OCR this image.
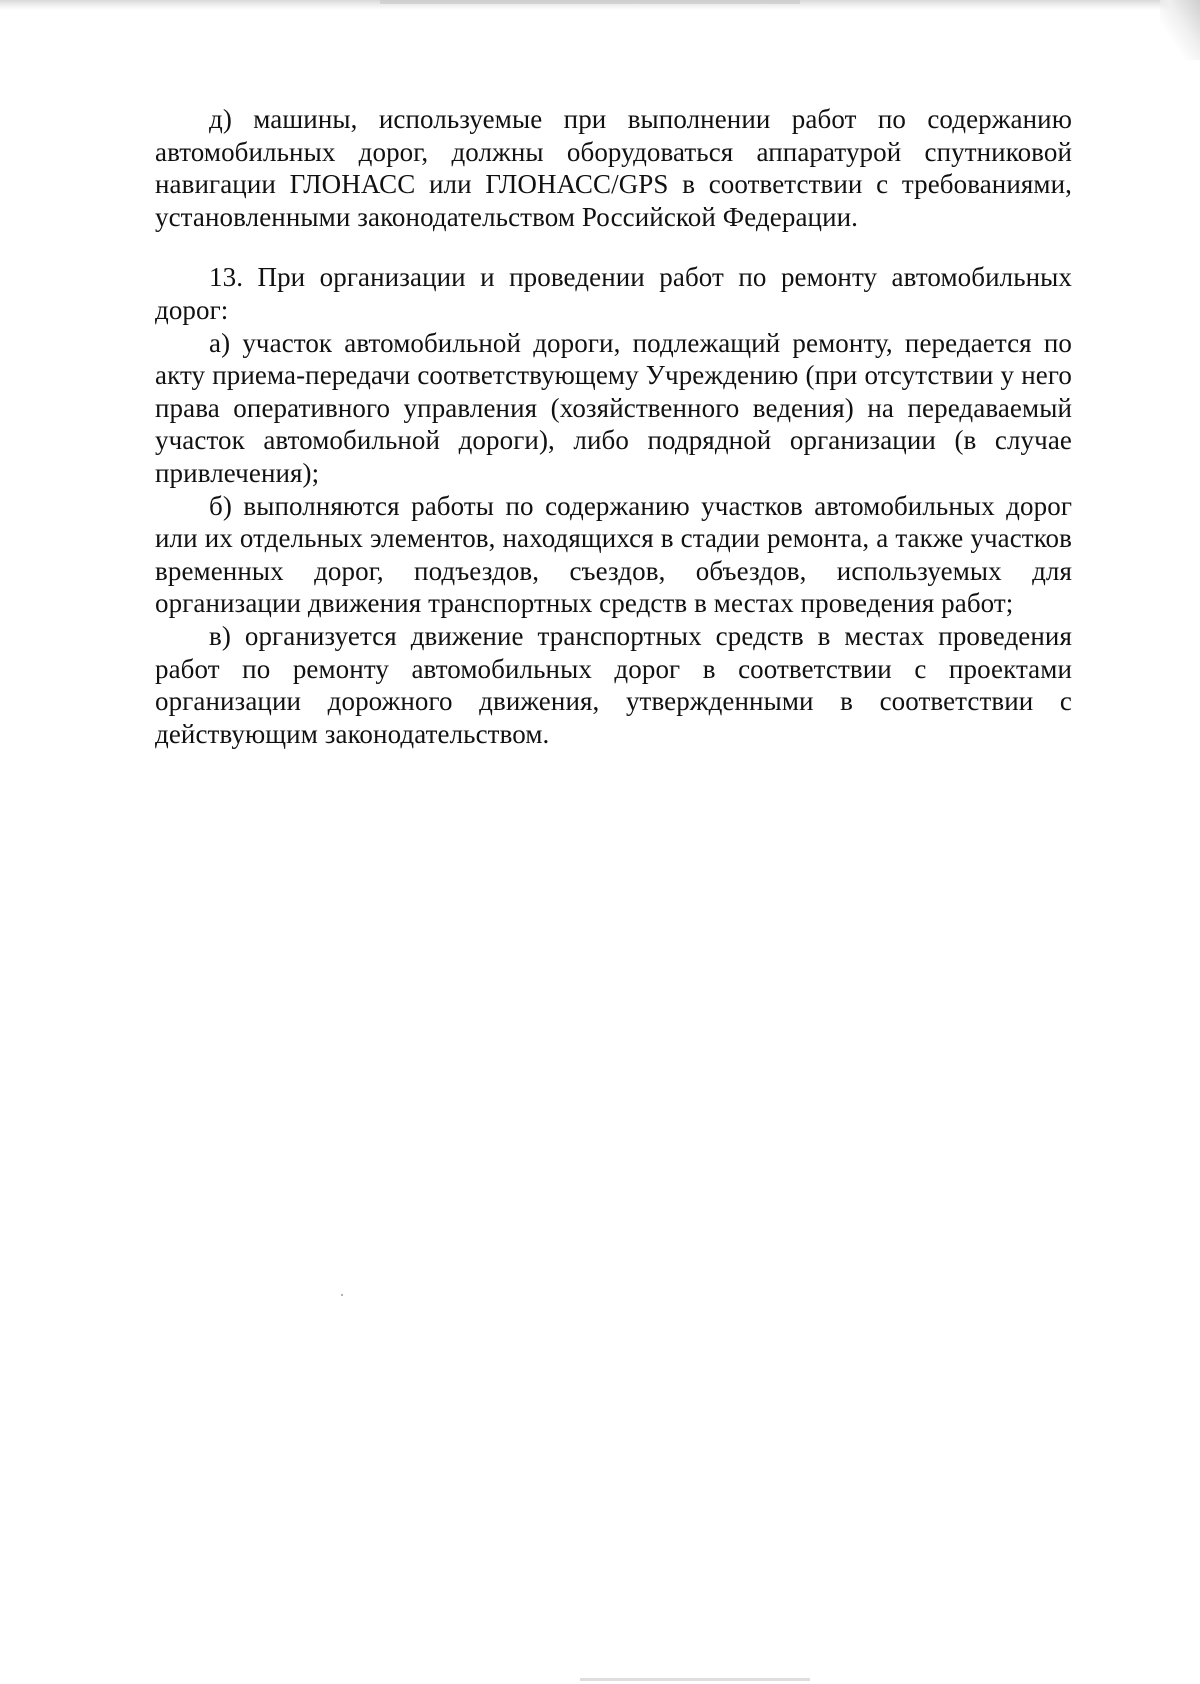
д) машины, используемые при выполнении работ по содержанию автомобильных дорог, должны оборудоваться аппаратурой спутниковой навигации ГЛОНАСС или ГЛОНАСС/GPS в соответствии с требованиями, установленными законодательством Российской Федерации.

13. При организации и проведении работ по ремонту автомобильных дорог:

а) участок автомобильной дороги, подлежащий ремонту, передается по акту приема-передачи соответствующему Учреждению (при отсутствии у него права оперативного управления (хозяйственного ведения) на передаваемый участок автомобильной дороги), либо подрядной организации (в случае привлечения);

б) выполняются работы по содержанию участков автомобильных дорог или их отдельных элементов, находящихся в стадии ремонта, а также участков временных дорог, подъездов, съездов, объездов, используемых для организации движения транспортных средств в местах проведения работ;

в) организуется движение транспортных средств в местах проведения работ по ремонту автомобильных дорог в соответствии с проектами организации дорожного движения, утвержденными в соответствии с действующим законодательством.
